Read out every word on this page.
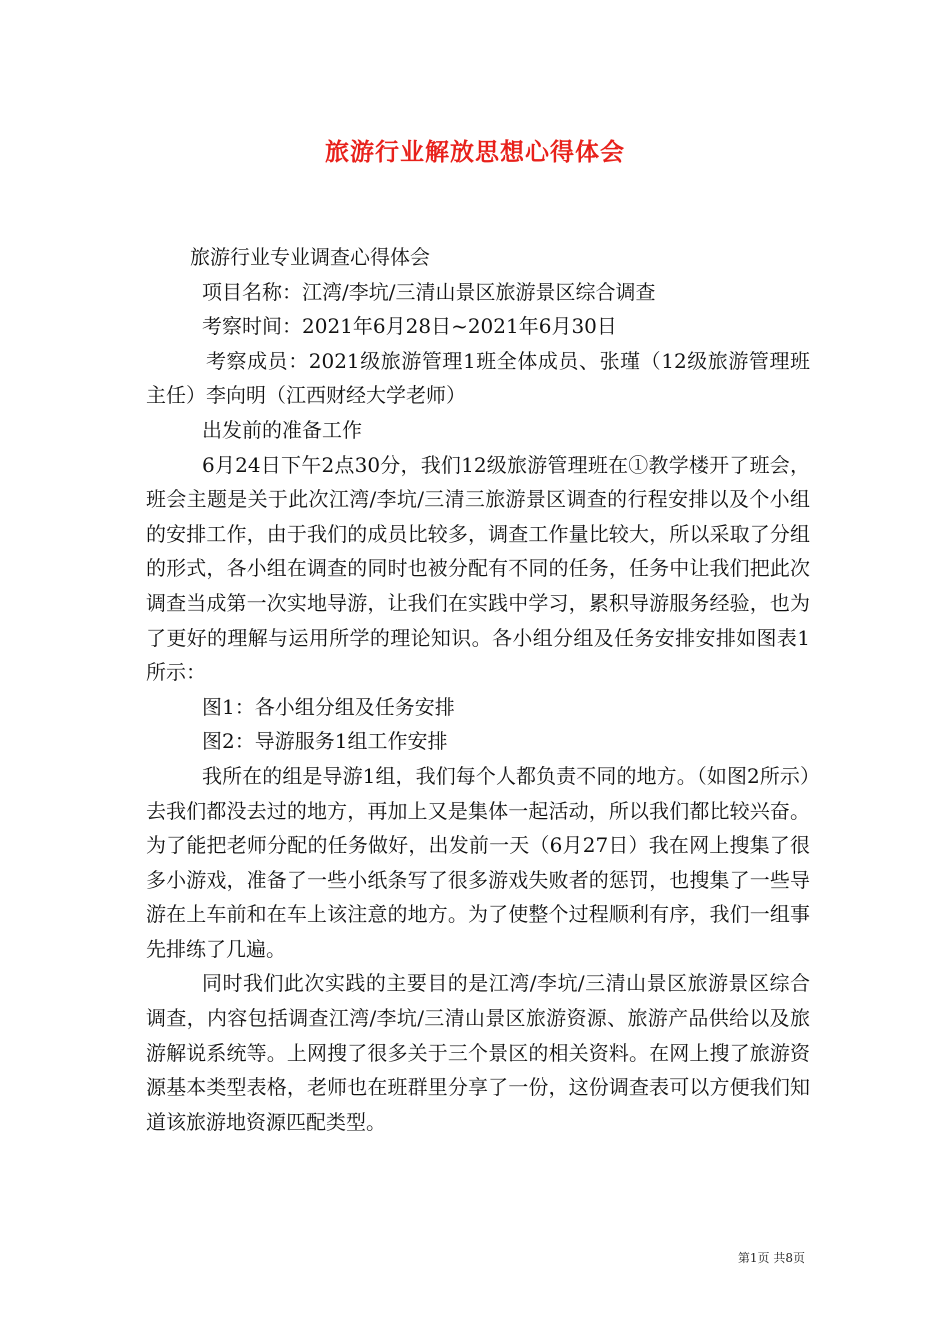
旅游行业解放思想心得体会

旅游行业专业调查心得体会

项目名称：江湾/李坑/三清山景区旅游景区综合调查

考察时间：2021年6月28日~2021年6月30日

考察成员：2021级旅游管理1班全体成员、张瑾（12级旅游管理班主任）李向明（江西财经大学老师）

出发前的准备工作

6月24日下午2点30分，我们12级旅游管理班在①教学楼开了班会，班会主题是关于此次江湾/李坑/三清三旅游景区调查的行程安排以及个小组的安排工作，由于我们的成员比较多，调查工作量比较大，所以采取了分组的形式，各小组在调查的同时也被分配有不同的任务，任务中让我们把此次调查当成第一次实地导游，让我们在实践中学习，累积导游服务经验，也为了更好的理解与运用所学的理论知识。各小组分组及任务安排安排如图表1所示：

图1：各小组分组及任务安排

图2：导游服务1组工作安排

我所在的组是导游1组，我们每个人都负责不同的地方。（如图2所示）去我们都没去过的地方，再加上又是集体一起活动，所以我们都比较兴奋。为了能把老师分配的任务做好，出发前一天（6月27日）我在网上搜集了很多小游戏，准备了一些小纸条写了很多游戏失败者的惩罚，也搜集了一些导游在上车前和在车上该注意的地方。为了使整个过程顺利有序，我们一组事先排练了几遍。

同时我们此次实践的主要目的是江湾/李坑/三清山景区旅游景区综合调查，内容包括调查江湾/李坑/三清山景区旅游资源、旅游产品供给以及旅游解说系统等。上网搜了很多关于三个景区的相关资料。在网上搜了旅游资源基本类型表格，老师也在班群里分享了一份，这份调查表可以方便我们知道该旅游地资源匹配类型。

第1页 共8页
